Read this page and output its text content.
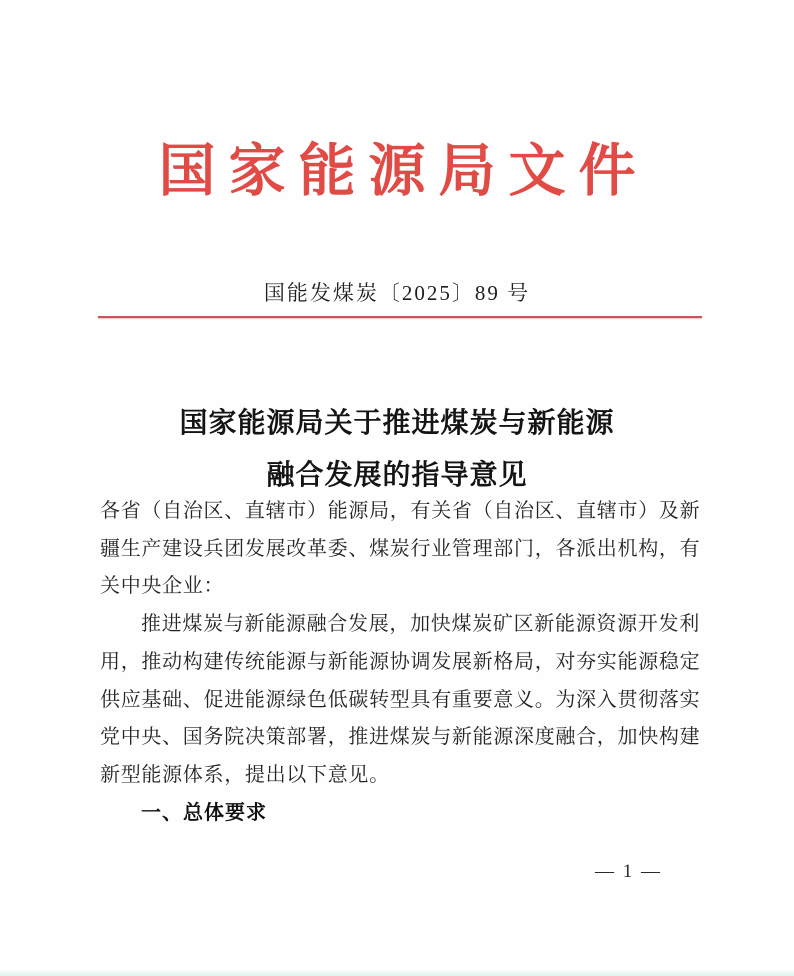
国家能源局文件
国能发煤炭〔2025〕89 号
国家能源局关于推进煤炭与新能源
融合发展的指导意见

各省（自治区、直辖市）能源局，有关省（自治区、直辖市）及新
疆生产建设兵团发展改革委、煤炭行业管理部门，各派出机构，有
关中央企业：

推进煤炭与新能源融合发展，加快煤炭矿区新能源资源开发利
用，推动构建传统能源与新能源协调发展新格局，对夯实能源稳定
供应基础、促进能源绿色低碳转型具有重要意义。为深入贯彻落实
党中央、国务院决策部署，推进煤炭与新能源深度融合，加快构建
新型能源体系，提出以下意见。

一、总体要求
— 1 —
